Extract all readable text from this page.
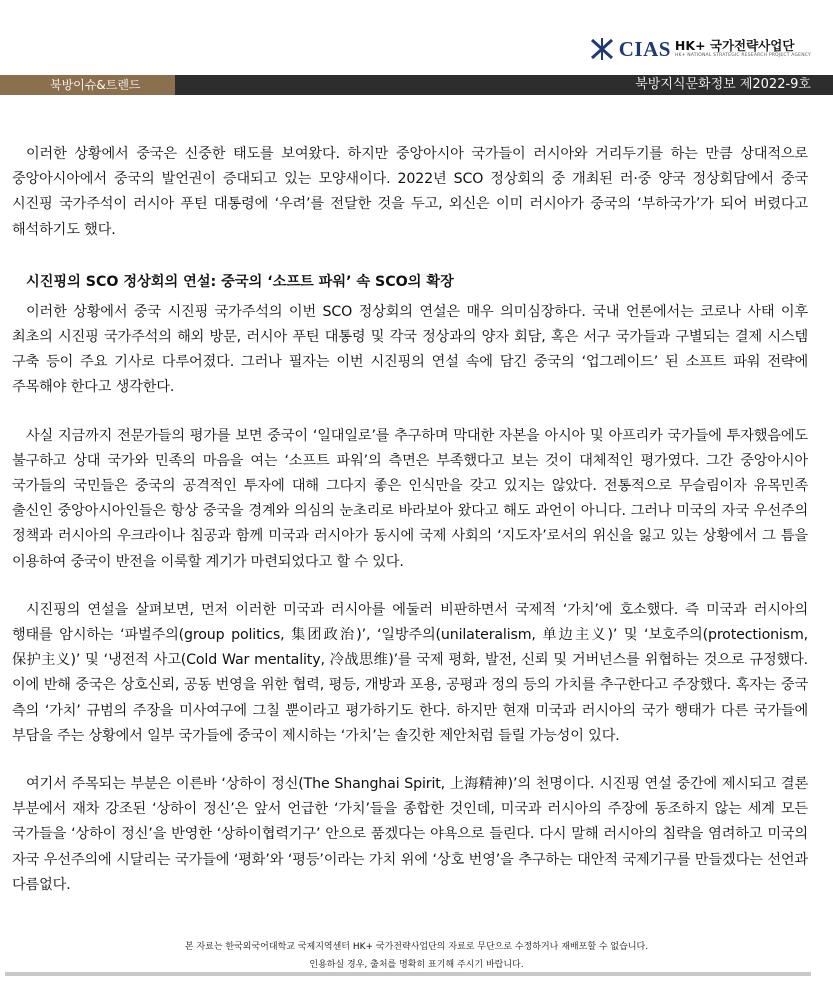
CIAS HK+ 국가전략사업단
HK+ NATIONAL STRATEGIC RESEARCH PROJECT AGENCY
북방이슈&트렌드	북방지식문화정보 제2022-9호

이러한 상황에서 중국은 신중한 태도를 보여왔다. 하지만 중앙아시아 국가들이 러시아와 거리두기를 하는 만큼 상대적으로 중앙아시아에서 중국의 발언권이 증대되고 있는 모양새이다. 2022년 SCO 정상회의 중 개최된 러·중 양국 정상회담에서 중국 시진핑 국가주석이 러시아 푸틴 대통령에 ‘우려’를 전달한 것을 두고, 외신은 이미 러시아가 중국의 ‘부하국가’가 되어 버렸다고 해석하기도 했다.

시진핑의 SCO 정상회의 연설: 중국의 ‘소프트 파워’ 속 SCO의 확장

이러한 상황에서 중국 시진핑 국가주석의 이번 SCO 정상회의 연설은 매우 의미심장하다. 국내 언론에서는 코로나 사태 이후 최초의 시진핑 국가주석의 해외 방문, 러시아 푸틴 대통령 및 각국 정상과의 양자 회담, 혹은 서구 국가들과 구별되는 결제 시스템 구축 등이 주요 기사로 다루어졌다. 그러나 필자는 이번 시진핑의 연설 속에 담긴 중국의 ‘업그레이드’ 된 소프트 파워 전략에 주목해야 한다고 생각한다.

사실 지금까지 전문가들의 평가를 보면 중국이 ‘일대일로’를 추구하며 막대한 자본을 아시아 및 아프리카 국가들에 투자했음에도 불구하고 상대 국가와 민족의 마음을 여는 ‘소프트 파워’의 측면은 부족했다고 보는 것이 대체적인 평가였다. 그간 중앙아시아 국가들의 국민들은 중국의 공격적인 투자에 대해 그다지 좋은 인식만을 갖고 있지는 않았다. 전통적으로 무슬림이자 유목민족 출신인 중앙아시아인들은 항상 중국을 경계와 의심의 눈초리로 바라보아 왔다고 해도 과언이 아니다. 그러나 미국의 자국 우선주의 정책과 러시아의 우크라이나 침공과 함께 미국과 러시아가 동시에 국제 사회의 ‘지도자’로서의 위신을 잃고 있는 상황에서 그 틈을 이용하여 중국이 반전을 이룩할 계기가 마련되었다고 할 수 있다.

시진핑의 연설을 살펴보면, 먼저 이러한 미국과 러시아를 에둘러 비판하면서 국제적 ‘가치’에 호소했다. 즉 미국과 러시아의 행태를 암시하는 ‘파벌주의(group politics, 集团政治)’, ‘일방주의(unilateralism, 单边主义)’ 및 ‘보호주의(protectionism, 保护主义)’ 및 ‘냉전적 사고(Cold War mentality, 冷战思维)’를 국제 평화, 발전, 신뢰 및 거버넌스를 위협하는 것으로 규정했다. 이에 반해 중국은 상호신뢰, 공동 번영을 위한 협력, 평등, 개방과 포용, 공평과 정의 등의 가치를 추구한다고 주장했다. 혹자는 중국 측의 ‘가치’ 규범의 주장을 미사여구에 그칠 뿐이라고 평가하기도 한다. 하지만 현재 미국과 러시아의 국가 행태가 다른 국가들에 부담을 주는 상황에서 일부 국가들에 중국이 제시하는 ‘가치’는 솔깃한 제안처럼 들릴 가능성이 있다.

여기서 주목되는 부분은 이른바 ‘상하이 정신(The Shanghai Spirit, 上海精神)’의 천명이다. 시진핑 연설 중간에 제시되고 결론 부분에서 재차 강조된 ‘상하이 정신’은 앞서 언급한 ‘가치’들을 종합한 것인데, 미국과 러시아의 주장에 동조하지 않는 세계 모든 국가들을 ‘상하이 정신’을 반영한 ‘상하이협력기구’ 안으로 품겠다는 야욕으로 들린다. 다시 말해 러시아의 침략을 염려하고 미국의 자국 우선주의에 시달리는 국가들에 ‘평화’와 ‘평등’이라는 가치 위에 ‘상호 번영’을 추구하는 대안적 국제기구를 만들겠다는 선언과 다름없다.

본 자료는 한국외국어대학교 국제지역센터 HK+ 국가전략사업단의 자료로 무단으로 수정하거나 재배포할 수 없습니다.
인용하실 경우, 출처를 명확히 표기해 주시기 바랍니다.
